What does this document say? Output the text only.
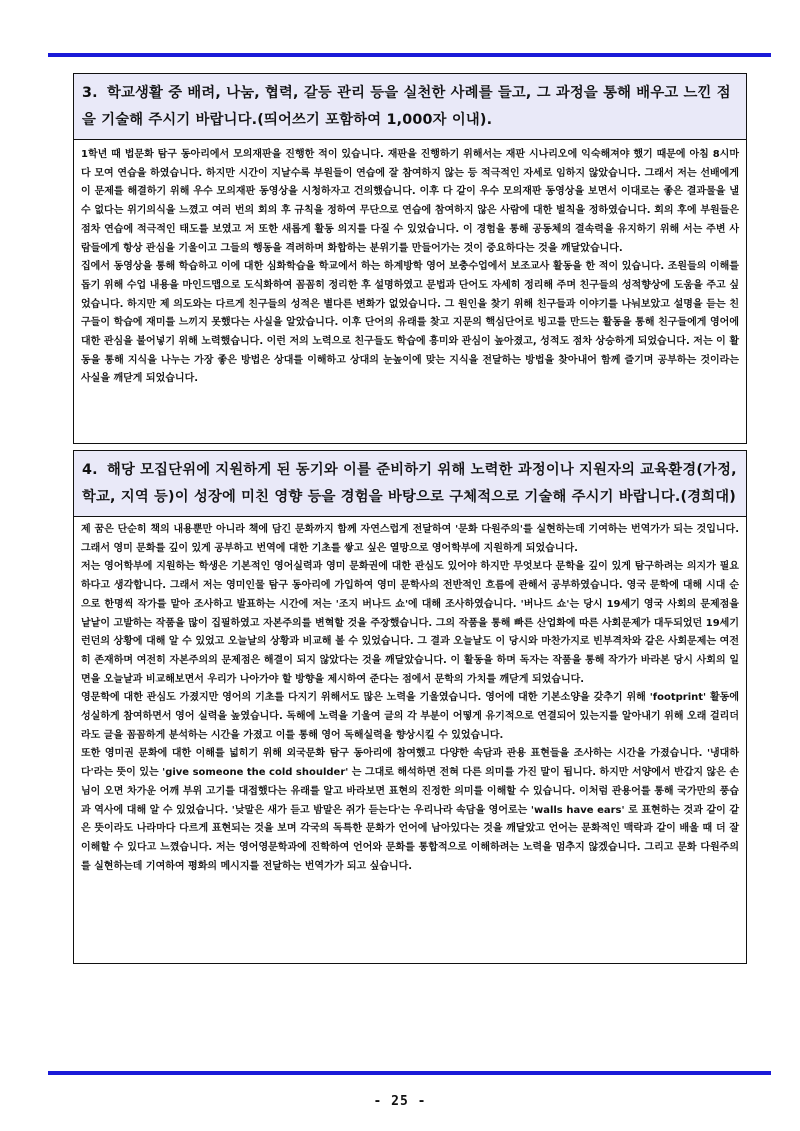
3. 학교생활 중 배려, 나눔, 협력, 갈등 관리 등을 실천한 사례를 들고, 그 과정을 통해 배우고 느낀 점을 기술해 주시기 바랍니다.(띄어쓰기 포함하여 1,000자 이내).

1학년 때 법문화 탐구 동아리에서 모의재판을 진행한 적이 있습니다. 재판을 진행하기 위해서는 재판 시나리오에 익숙해져야 했기 때문에 아침 8시마다 모여 연습을 하였습니다. 하지만 시간이 지날수록 부원들이 연습에 잘 참여하지 않는 등 적극적인 자세로 임하지 않았습니다. 그래서 저는 선배에게 이 문제를 해결하기 위해 우수 모의재판 동영상을 시청하자고 건의했습니다. 이후 다 같이 우수 모의재판 동영상을 보면서 이대로는 좋은 결과물을 낼 수 없다는 위기의식을 느꼈고 여러 번의 회의 후 규칙을 정하여 무단으로 연습에 참여하지 않은 사람에 대한 벌칙을 정하였습니다. 회의 후에 부원들은 점차 연습에 적극적인 태도를 보였고 저 또한 새롭게 활동 의지를 다질 수 있었습니다. 이 경험을 통해 공동체의 결속력을 유지하기 위해 서는 주변 사람들에게 항상 관심을 기울이고 그들의 행동을 격려하며 화합하는 분위기를 만들어가는 것이 중요하다는 것을 깨달았습니다.

집에서 동영상을 통해 학습하고 이에 대한 심화학습을 학교에서 하는 하계방학 영어 보충수업에서 보조교사 활동을 한 적이 있습니다. 조원들의 이해를 돕기 위해 수업 내용을 마인드맵으로 도식화하여 꼼꼼히 정리한 후 설명하였고 문법과 단어도 자세히 정리해 주며 친구들의 성적향상에 도움을 주고 싶었습니다. 하지만 제 의도와는 다르게 친구들의 성적은 별다른 변화가 없었습니다. 그 원인을 찾기 위해 친구들과 이야기를 나눠보았고 설명을 듣는 친구들이 학습에 재미를 느끼지 못했다는 사실을 알았습니다. 이후 단어의 유래를 찾고 지문의 핵심단어로 빙고를 만드는 활동을 통해 친구들에게 영어에 대한 관심을 불어넣기 위해 노력했습니다. 이런 저의 노력으로 친구들도 학습에 흥미와 관심이 높아졌고, 성적도 점차 상승하게 되었습니다. 저는 이 활동을 통해 지식을 나누는 가장 좋은 방법은 상대를 이해하고 상대의 눈높이에 맞는 지식을 전달하는 방법을 찾아내어 함께 즐기며 공부하는 것이라는 사실을 깨닫게 되었습니다.

4. 해당 모집단위에 지원하게 된 동기와 이를 준비하기 위해 노력한 과정이나 지원자의 교육환경(가정, 학교, 지역 등)이 성장에 미친 영향 등을 경험을 바탕으로 구체적으로 기술해 주시기 바랍니다.(경희대)

제 꿈은 단순히 책의 내용뿐만 아니라 책에 담긴 문화까지 함께 자연스럽게 전달하여 '문화 다원주의'를 실현하는데 기여하는 번역가가 되는 것입니다. 그래서 영미 문화를 깊이 있게 공부하고 번역에 대한 기초를 쌓고 싶은 열망으로 영어학부에 지원하게 되었습니다.

저는 영어학부에 지원하는 학생은 기본적인 영어실력과 영미 문화권에 대한 관심도 있어야 하지만 무엇보다 문학을 깊이 있게 탐구하려는 의지가 필요하다고 생각합니다. 그래서 저는 영미인물 탐구 동아리에 가입하여 영미 문학사의 전반적인 흐름에 관해서 공부하였습니다. 영국 문학에 대해 시대 순으로 한명씩 작가를 맡아 조사하고 발표하는 시간에 저는 '조지 버나드 쇼'에 대해 조사하였습니다. '버나드 쇼'는 당시 19세기 영국 사회의 문제점을 낱낱이 고발하는 작품을 많이 집필하였고 자본주의를 변혁할 것을 주장했습니다. 그의 작품을 통해 빠른 산업화에 따른 사회문제가 대두되었던 19세기 런던의 상황에 대해 알 수 있었고 오늘날의 상황과 비교해 볼 수 있었습니다. 그 결과 오늘날도 이 당시와 마찬가지로 빈부격차와 같은 사회문제는 여전히 존재하며 여전히 자본주의의 문제점은 해결이 되지 않았다는 것을 깨달았습니다. 이 활동을 하며 독자는 작품을 통해 작가가 바라본 당시 사회의 일면을 오늘날과 비교해보면서 우리가 나아가야 할 방향을 제시하여 준다는 점에서 문학의 가치를 깨닫게 되었습니다.

영문학에 대한 관심도 가졌지만 영어의 기초를 다지기 위해서도 많은 노력을 기울였습니다. 영어에 대한 기본소양을 갖추기 위해 'footprint' 활동에 성실하게 참여하면서 영어 실력을 높였습니다. 독해에 노력을 기울여 글의 각 부분이 어떻게 유기적으로 연결되어 있는지를 알아내기 위해 오래 걸리더라도 글을 꼼꼼하게 분석하는 시간을 가졌고 이를 통해 영어 독해실력을 향상시킬 수 있었습니다.

또한 영미권 문화에 대한 이해를 넓히기 위해 외국문화 탐구 동아리에 참여했고 다양한 속담과 관용 표현들을 조사하는 시간을 가졌습니다. '냉대하다'라는 뜻이 있는 'give someone the cold shoulder' 는 그대로 해석하면 전혀 다른 의미를 가진 말이 됩니다. 하지만 서양에서 반갑지 않은 손님이 오면 차가운 어깨 부위 고기를 대접했다는 유래를 알고 바라보면 표현의 진정한 의미를 이해할 수 있습니다. 이처럼 관용어를 통해 국가만의 풍습과 역사에 대해 알 수 있었습니다. '낮말은 새가 듣고 밤말은 쥐가 듣는다'는 우리나라 속담을 영어로는 'walls have ears' 로 표현하는 것과 같이 같은 뜻이라도 나라마다 다르게 표현되는 것을 보며 각국의 독특한 문화가 언어에 남아있다는 것을 깨달았고 언어는 문화적인 맥락과 같이 배울 때 더 잘 이해할 수 있다고 느꼈습니다. 저는 영어영문학과에 진학하여 언어와 문화를 통합적으로 이해하려는 노력을 멈추지 않겠습니다. 그리고 문화 다원주의를 실현하는데 기여하여 평화의 메시지를 전달하는 번역가가 되고 싶습니다.

- 25 -
